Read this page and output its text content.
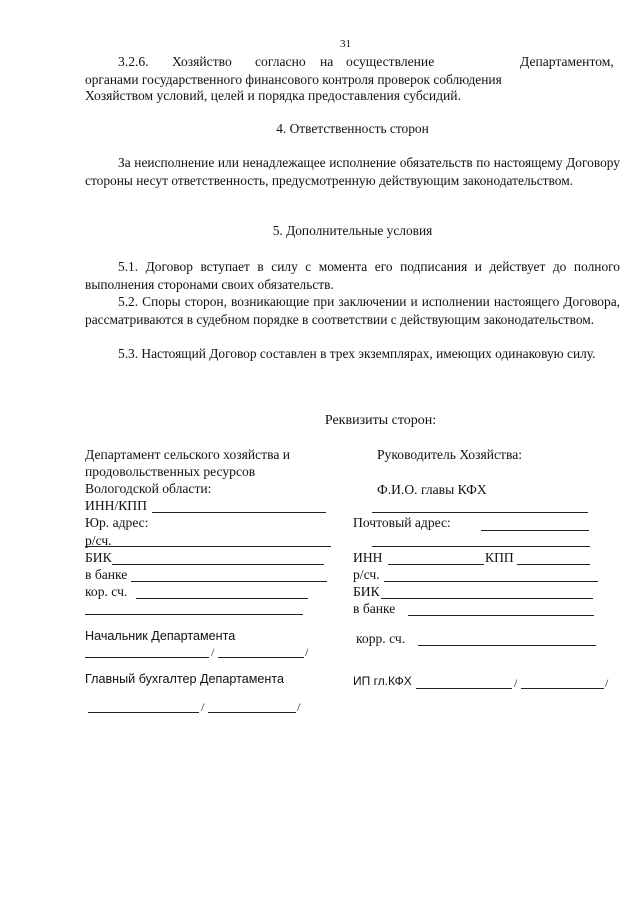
31
3.2.6. Хозяйство согласно на осуществление	Департаментом,
органами государственного финансового контроля проверок соблюдения
Хозяйством условий, целей и порядка предоставления субсидий.
4. Ответственность сторон
За неисполнение или ненадлежащее исполнение обязательств по настоящему Договору стороны несут ответственность, предусмотренную действующим законодательством.
5. Дополнительные условия
5.1. Договор вступает в силу с момента его подписания и действует до полного выполнения сторонами своих обязательств.
5.2. Споры сторон, возникающие при заключении и исполнении настоящего Договора, рассматриваются в судебном порядке в соответствии с действующим законодательством.
5.3. Настоящий Договор составлен в трех экземплярах, имеющих одинаковую силу.
Реквизиты сторон:
Департамент сельского хозяйства и
продовольственных ресурсов
Вологодской области:
ИНН/КПП
Юр. адрес:
р/сч.
БИК
в банке
кор. сч.
Начальник Департамента
/	/
Главный бухгалтер Департамента
/	/
Руководитель Хозяйства:
Ф.И.О. главы КФХ
Почтовый адрес:
ИНН	КПП
р/сч.
БИК
в банке
корр. сч.
ИП гл.КФХ	/	/
